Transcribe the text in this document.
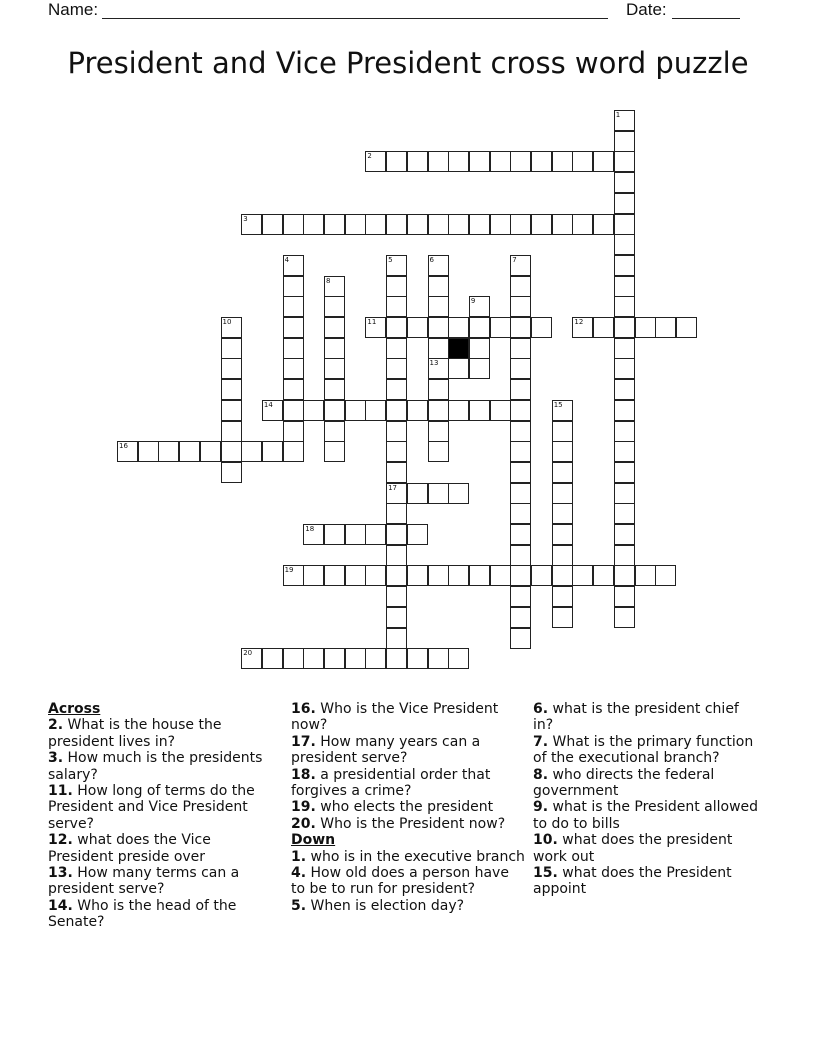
Name:	Date:
President and Vice President cross word puzzle
1
2
3
4	5	6	7
8
9
10	11	12
13
14	15
16
17
18
19
20
Across
2. What is the house the president lives in?
3. How much is the presidents salary?
11. How long of terms do the President and Vice President serve?
12. what does the Vice President preside over
13. How many terms can a president serve?
14. Who is the head of the Senate?
16. Who is the Vice President now?
17. How many years can a president serve?
18. a presidential order that forgives a crime?
19. who elects the president
20. Who is the President now?
Down
1. who is in the executive branch
4. How old does a person have to be to run for president?
5. When is election day?
6. what is the president chief in?
7. What is the primary function of the executional branch?
8. who directs the federal government
9. what is the President allowed to do to bills
10. what does the president work out
15. what does the President appoint
